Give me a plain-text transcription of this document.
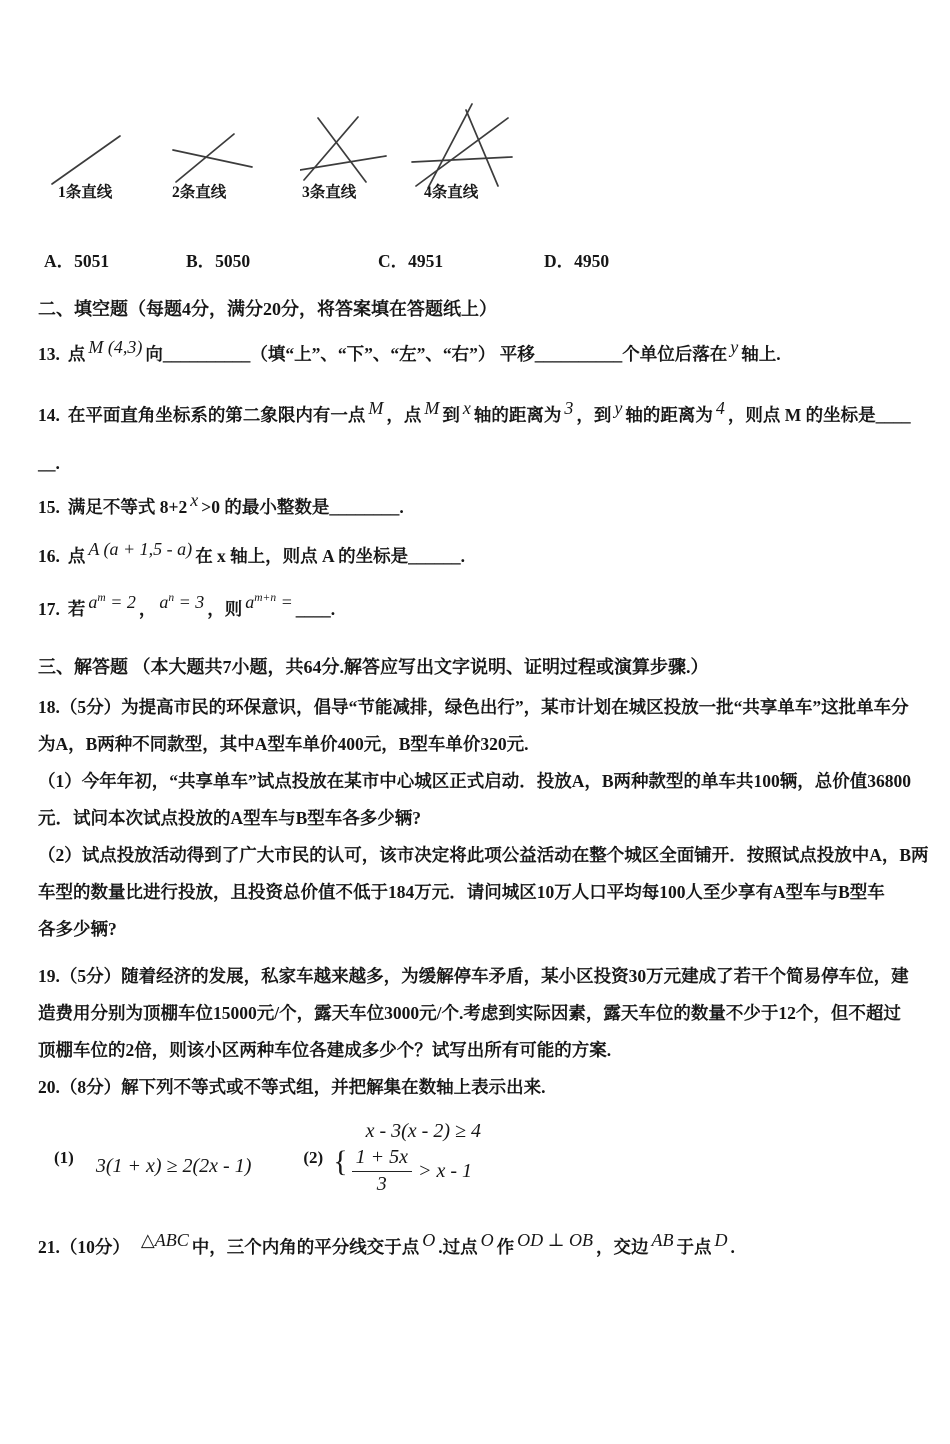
1条直线	2条直线	3条直线	4条直线
A．5051	B．5050	C．4951	D．4950
二、填空题（每题4分，满分20分，将答案填在答题纸上）
13. 点 M (4,3) 向__________（填“上”、“下”、“左”、“右”） 平移__________个单位后落在 y 轴上.
14. 在平面直角坐标系的第二象限内有一点 M ，点 M 到 x 轴的距离为 3 ，到 y 轴的距离为 4 ，则点 M 的坐标是____
__.
15. 满足不等式 8+2 x >0 的最小整数是________.
16. 点 A (a + 1,5 - a) 在 x 轴上，则点 A 的坐标是______.
17. 若 $a^m = 2$ ， $a^n = 3$ ，则 $a^{m+n}$ = ____.
三、解答题 （本大题共7小题，共64分.解答应写出文字说明、证明过程或演算步骤.）
18.（5分）为提高市民的环保意识，倡导“节能减排，绿色出行”，某市计划在城区投放一批“共享单车”这批单车分
为A，B两种不同款型，其中A型车单价400元，B型车单价320元.
（1）今年年初，“共享单车”试点投放在某市中心城区正式启动．投放A，B两种款型的单车共100辆，总价值36800
元．试问本次试点投放的A型车与B型车各多少辆?
（2）试点投放活动得到了广大市民的认可，该市决定将此项公益活动在整个城区全面铺开．按照试点投放中A，B两
车型的数量比进行投放，且投资总价值不低于184万元．请问城区10万人口平均每100人至少享有A型车与B型车
各多少辆?
19.（5分）随着经济的发展，私家车越来越多，为缓解停车矛盾，某小区投资30万元建成了若干个简易停车位，建
造费用分别为顶棚车位15000元/个，露天车位3000元/个.考虑到实际因素，露天车位的数量不少于12个，但不超过
顶棚车位的2倍，则该小区两种车位各建成多少个？试写出所有可能的方案.
20.（8分）解下列不等式或不等式组，并把解集在数轴上表示出来.
(1) 3(1 + x) ≥ 2(2x - 1)	(2) {
x - 3(x - 2) ≥ 4
$\frac{1 + 5x}{3} > x - 1$
21.（10分） △ABC 中，三个内角的平分线交于点 O .过点 O 作 OD ⊥ OB ，交边 AB 于点 D .
